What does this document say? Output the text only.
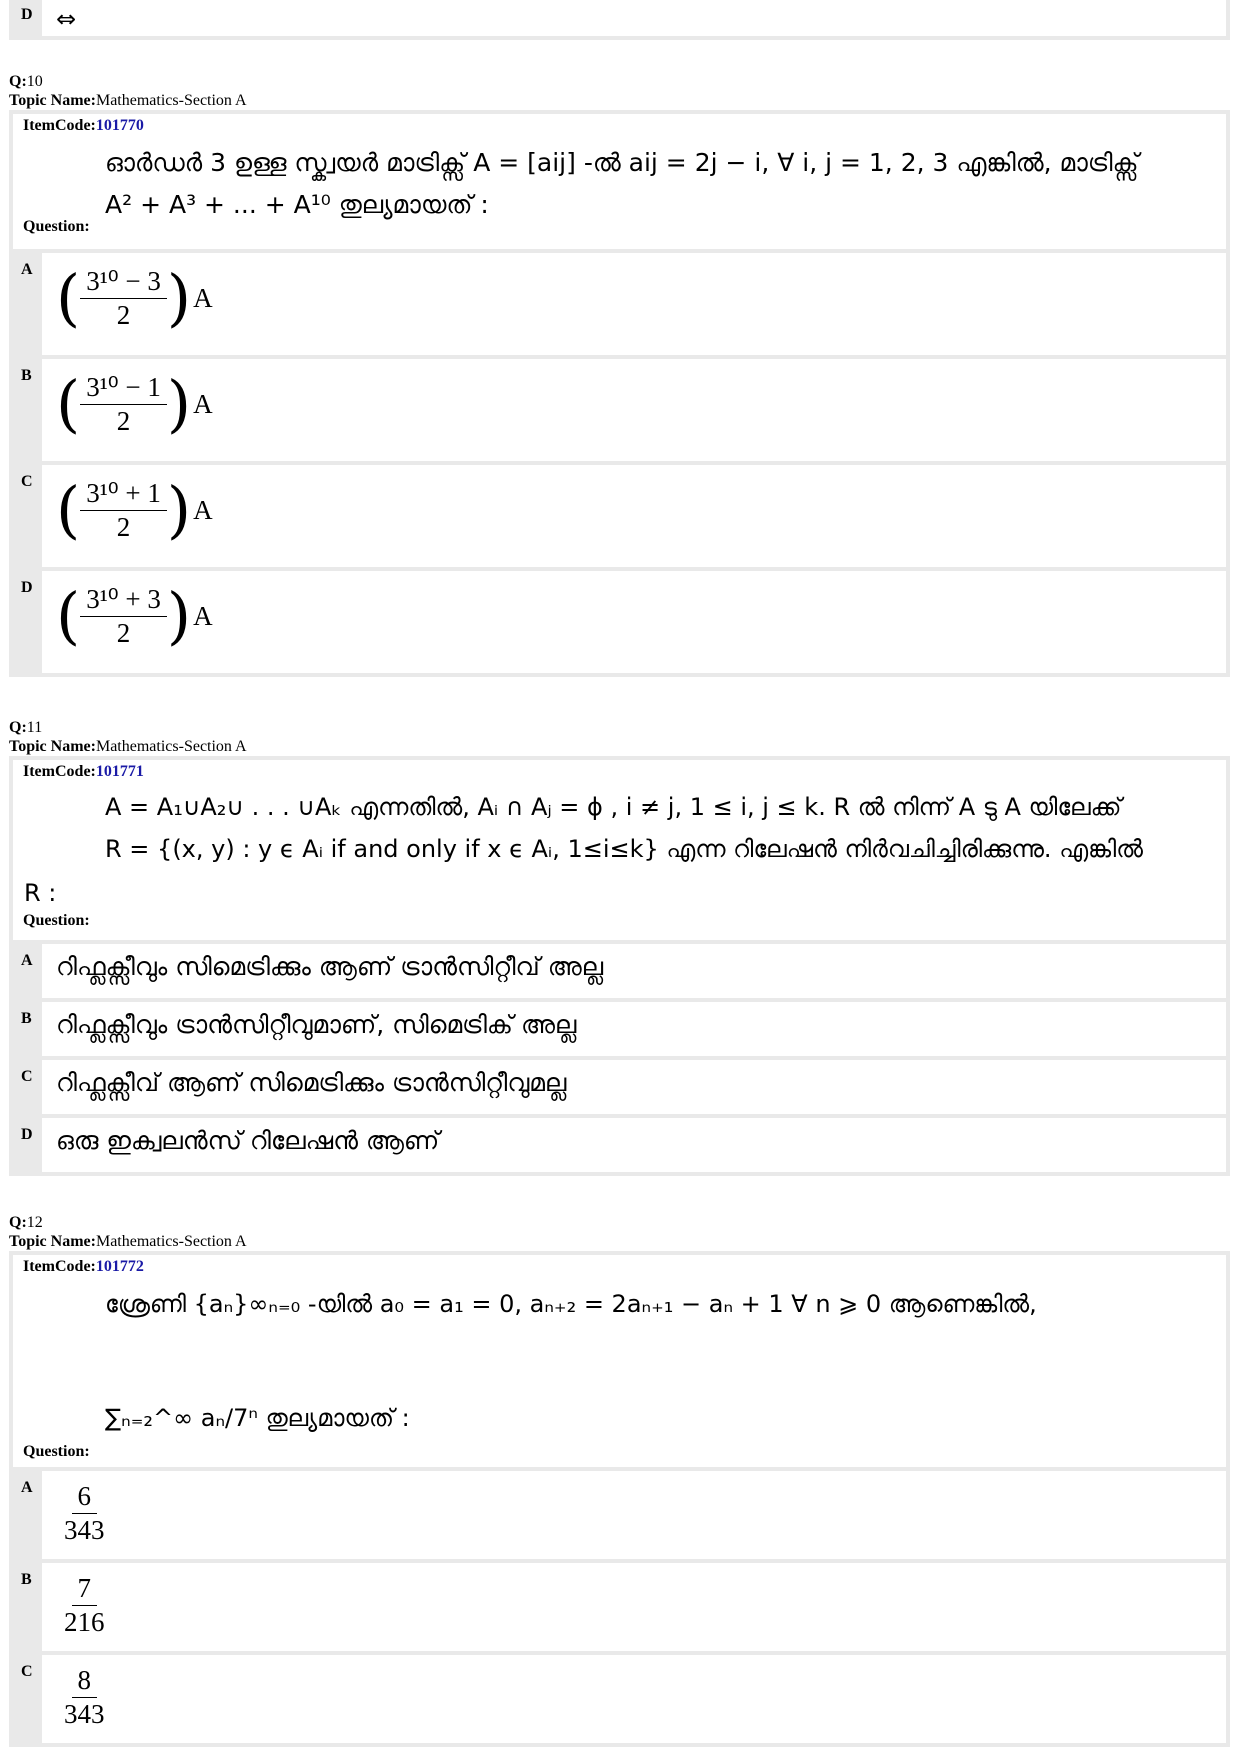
D ⇔
Q:10
Topic Name:Mathematics-Section A
ItemCode:101770
ഓർഡർ 3 ഉള്ള സ്ക്വയർ മാട്രിക്സ് A = [aij] -ൽ aij = 2j − i, ∀ i, j = 1, 2, 3 എങ്കിൽ, മാട്രിക്സ്
A² + A³ + ... + A¹⁰ തുല്യമായത് :
Question:
A ( $\frac{\text{3¹⁰ − 3}}{2}$ ) A
B ( $\frac{\text{3¹⁰ − 1}}{2}$ ) A
C ( $\frac{\text{3¹⁰ + 1}}{2}$ ) A
D ( $\frac{\text{3¹⁰ + 3}}{2}$ ) A
Q:11
Topic Name:Mathematics-Section A
ItemCode:101771
A = A₁∪A₂∪ . . . ∪Aₖ എന്നതിൽ, Aᵢ ∩ Aⱼ = ϕ , i ≠ j, 1 ≤ i, j ≤ k. R ൽ നിന്ന് A ടു A യിലേക്ക്
R = {(x, y) : y ϵ Aᵢ if and only if x ϵ Aᵢ, 1≤i≤k} എന്ന റിലേഷൻ നിർവചിച്ചിരിക്കുന്നു. എങ്കിൽ
R :
Question:
A റിഫ്ലക്സീവും സിമെട്രിക്കും ആണ് ട്രാൻസിറ്റീവ് അല്ല
B റിഫ്ലക്സീവും ട്രാൻസിറ്റീവുമാണ്, സിമെട്രിക് അല്ല
C റിഫ്ലക്സീവ് ആണ് സിമെട്രിക്കും ട്രാൻസിറ്റീവുമല്ല
D ഒരു ഇക്വലൻസ് റിലേഷൻ ആണ്
Q:12
Topic Name:Mathematics-Section A
ItemCode:101772
ശ്രേണി {aₙ}∞ₙ₌₀ -യിൽ a₀ = a₁ = 0, aₙ₊₂ = 2aₙ₊₁ − aₙ + 1 ∀ n ⩾ 0 ആണെങ്കിൽ,
∑ₙ₌₂^∞ aₙ/7ⁿ തുല്യമായത് :
Question:
A $\frac{6}{343}$
B $\frac{7}{216}$
C $\frac{8}{343}$
